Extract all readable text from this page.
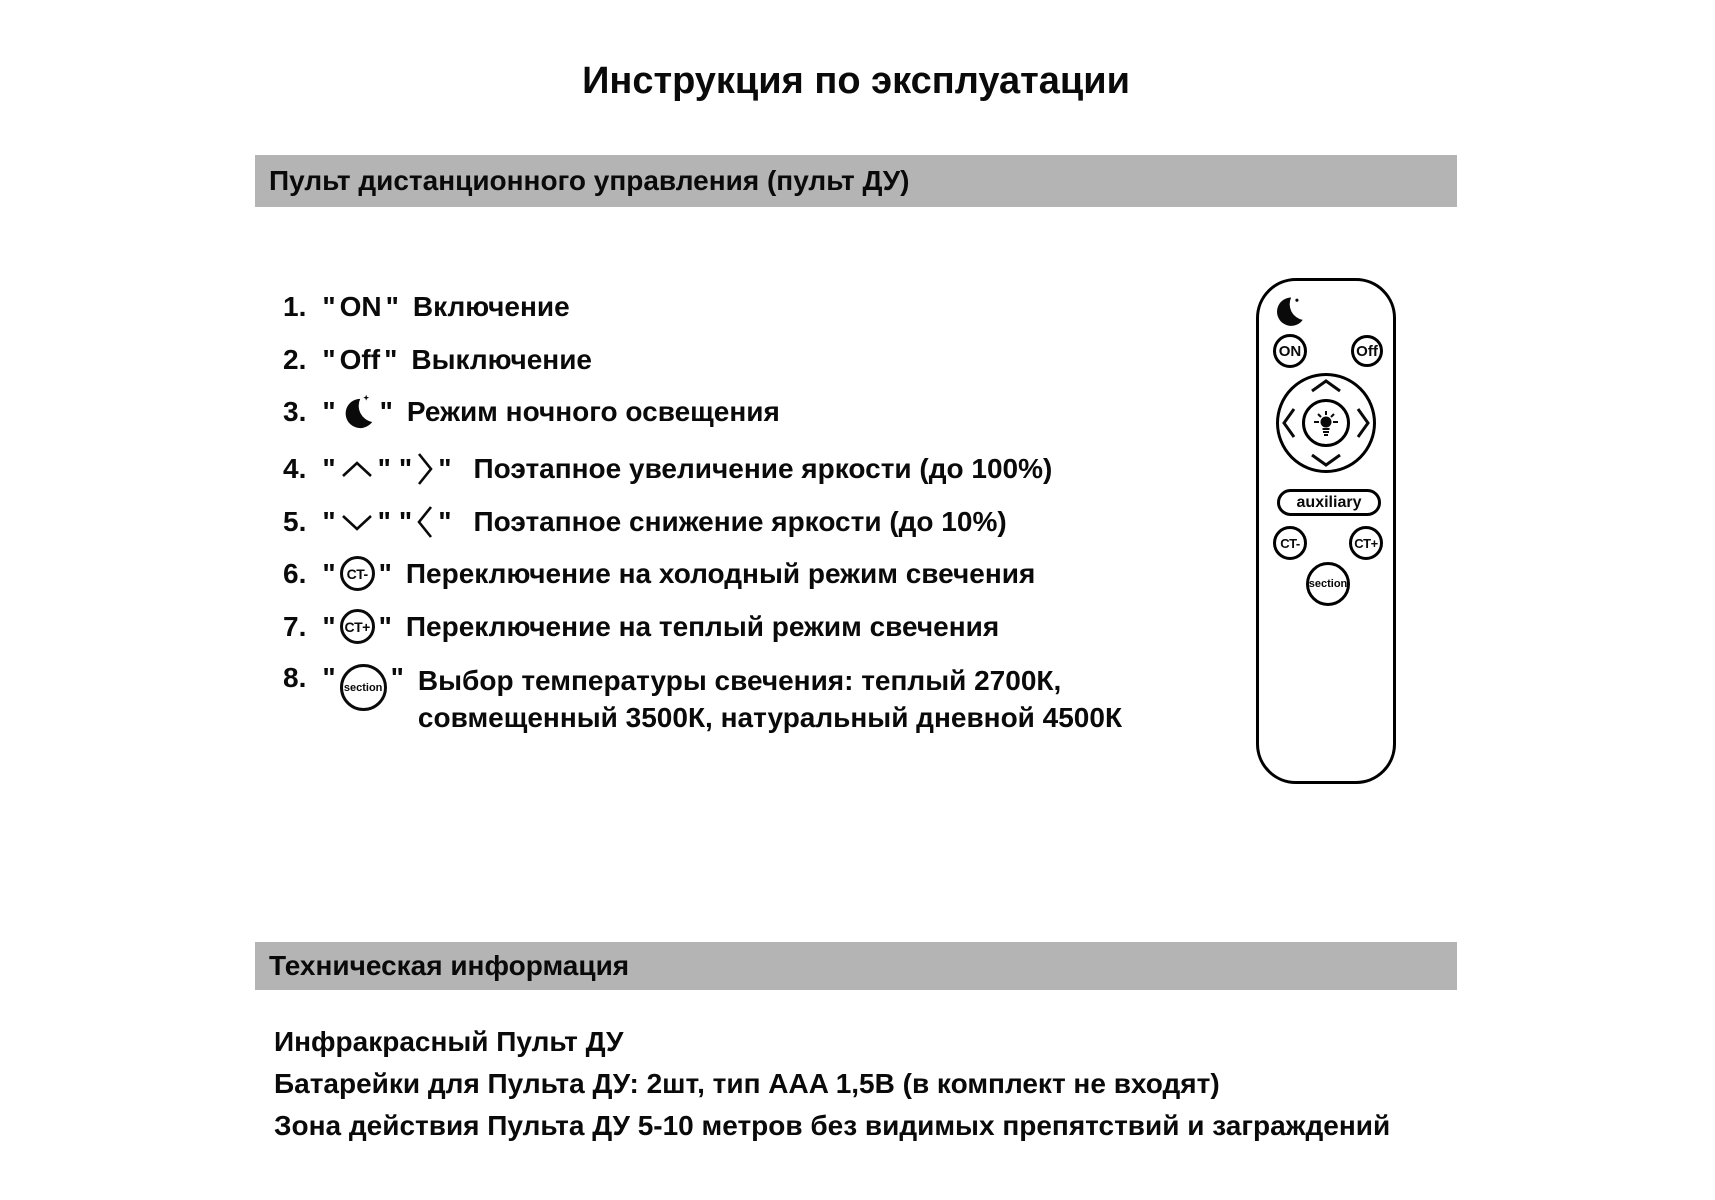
Инструкция по эксплуатации
Пульт дистанционного управления (пульт ДУ)
1. " ON " Включение
2. " Off " Выключение
3. " " Режим ночного освещения
4. " " " " Поэтапное увеличение яркости (до 100%)
5. " " " " Поэтапное снижение яркости (до 10%)
6. " CT- " Переключение на холодный режим свечения
7. " CT+ " Переключение на теплый режим свечения
8. " section " Выбор температуры свечения: теплый 2700К,
совмещенный 3500К, натуральный дневной 4500К
ON	Off
auxiliary
CT-	CT+
section
Техническая информация
Инфракрасный Пульт ДУ
Батарейки для Пульта ДУ: 2шт, тип AAA 1,5В (в комплект не входят)
Зона действия Пульта ДУ 5-10 метров без видимых препятствий и заграждений
